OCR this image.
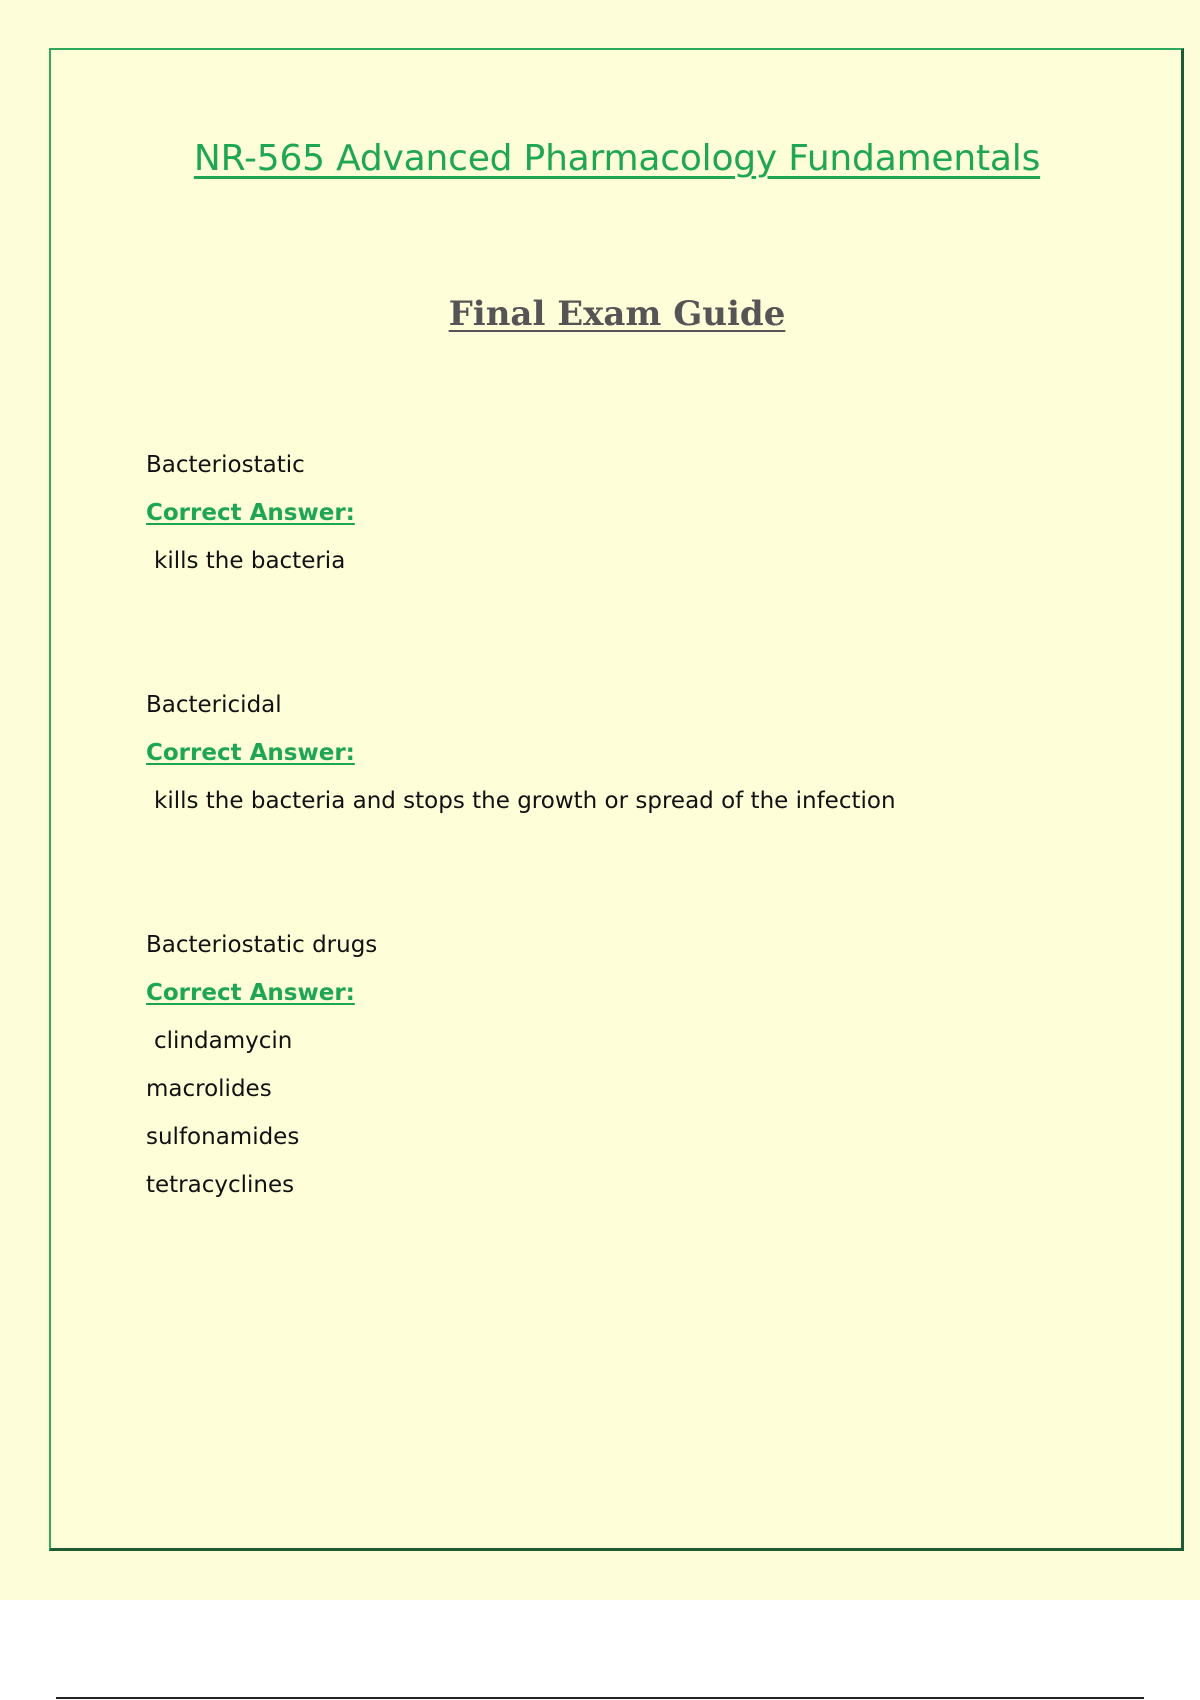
NR-565 Advanced Pharmacology Fundamentals
Final Exam Guide
Bacteriostatic
Correct Answer:
kills the bacteria
Bactericidal
Correct Answer:
kills the bacteria and stops the growth or spread of the infection
Bacteriostatic drugs
Correct Answer:
clindamycin
macrolides
sulfonamides
tetracyclines
